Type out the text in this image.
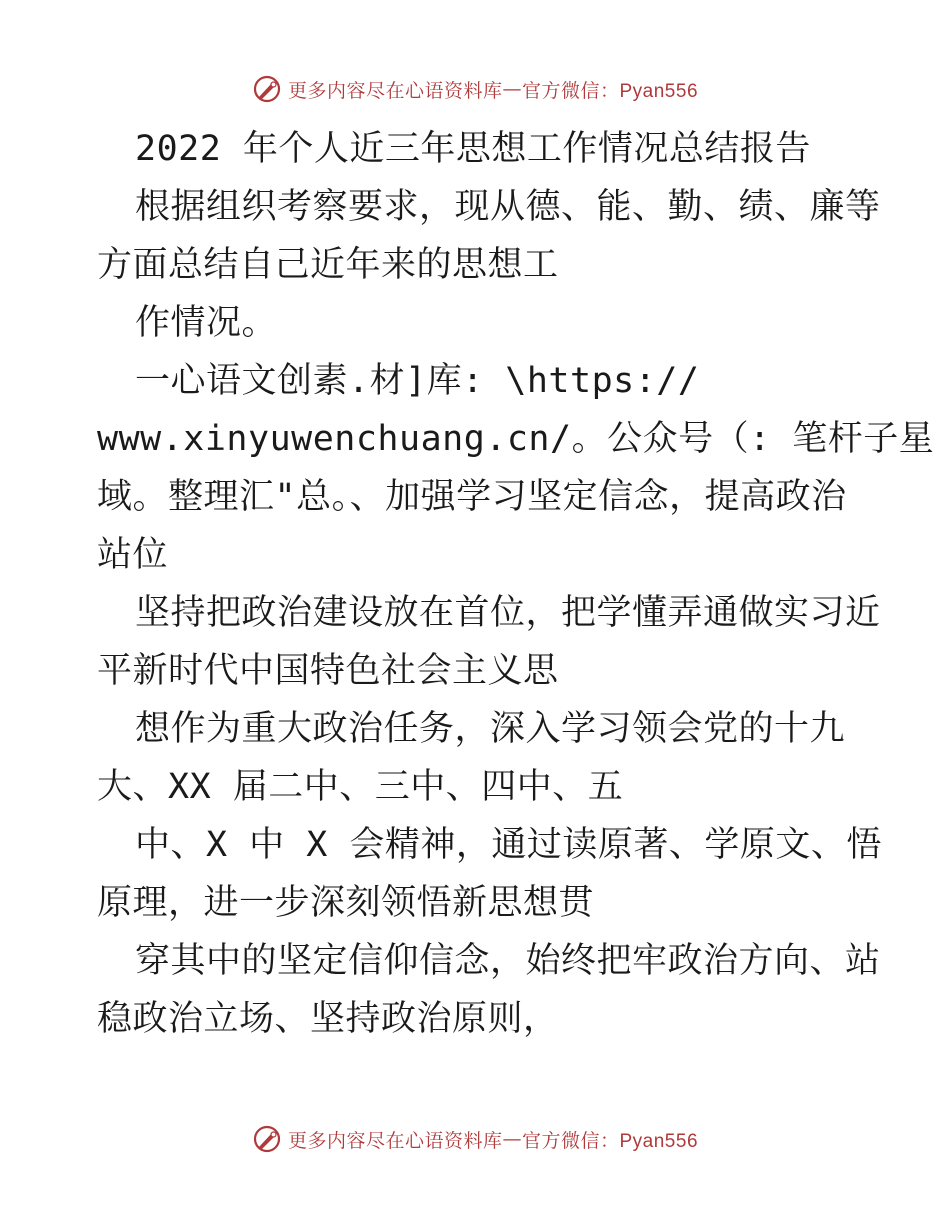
更多内容尽在心语资料库 — 官方微信：Pyan556
2022 年个人近三年思想工作情况总结报告
根据组织考察要求，现从德、能、勤、绩、廉等
方面总结自己近年来的思想工
作情况。
一心语文创素.材]库: \https://
www.xinyuwenchuang.cn/。公众号（: 笔杆子星
域。整理汇"总。、加强学习坚定信念，提高政治
站位
坚持把政治建设放在首位，把学懂弄通做实习近
平新时代中国特色社会主义思
想作为重大政治任务，深入学习领会党的十九
大、XX 届二中、三中、四中、五
中、X 中 X 会精神，通过读原著、学原文、悟
原理，进一步深刻领悟新思想贯
穿其中的坚定信仰信念，始终把牢政治方向、站
稳政治立场、坚持政治原则，
更多内容尽在心语资料库 — 官方微信：Pyan556
